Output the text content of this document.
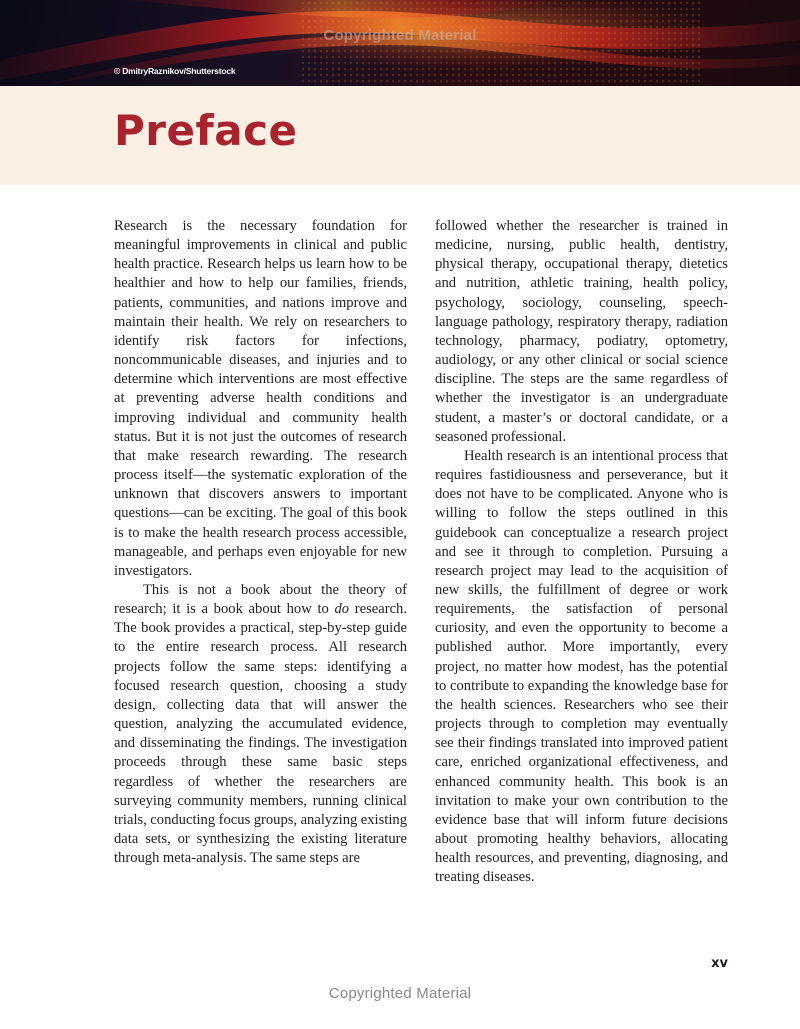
Copyrighted Material
© DmitryRaznikov/Shutterstock
Preface

Research is the necessary foundation for meaningful improvements in clinical and public health practice. Research helps us learn how to be healthier and how to help our families, friends, patients, communities, and nations improve and maintain their health. We rely on researchers to identify risk factors for infections, noncommunicable diseases, and injuries and to determine which interventions are most effective at preventing adverse health conditions and improving individual and community health status. But it is not just the outcomes of research that make research rewarding. The research process itself—the systematic exploration of the unknown that discovers answers to important questions—can be exciting. The goal of this book is to make the health research process accessible, manageable, and perhaps even enjoyable for new investigators.

This is not a book about the theory of research; it is a book about how to do research. The book provides a practical, step-by-step guide to the entire research process. All research projects follow the same steps: identifying a focused research question, choosing a study design, collecting data that will answer the question, analyzing the accumulated evidence, and disseminating the findings. The investigation proceeds through these same basic steps regardless of whether the researchers are surveying community members, running clinical trials, conducting focus groups, analyzing existing data sets, or synthesizing the existing literature through meta-analysis. The same steps are

followed whether the researcher is trained in medicine, nursing, public health, dentistry, physical therapy, occupational therapy, dietetics and nutrition, athletic training, health policy, psychology, sociology, counseling, speech-language pathology, respiratory therapy, radiation technology, pharmacy, podiatry, optometry, audiology, or any other clinical or social science discipline. The steps are the same regardless of whether the investigator is an undergraduate student, a master’s or doctoral candidate, or a seasoned professional.

Health research is an intentional process that requires fastidiousness and perseverance, but it does not have to be complicated. Anyone who is willing to follow the steps outlined in this guidebook can conceptualize a research project and see it through to completion. Pursuing a research project may lead to the acquisition of new skills, the fulfillment of degree or work requirements, the satisfaction of personal curiosity, and even the opportunity to become a published author. More importantly, every project, no matter how modest, has the potential to contribute to expanding the knowledge base for the health sciences. Researchers who see their projects through to completion may eventually see their findings translated into improved patient care, enriched organizational effectiveness, and enhanced community health. This book is an invitation to make your own contribution to the evidence base that will inform future decisions about promoting healthy behaviors, allocating health resources, and preventing, diagnosing, and treating diseases.

xv
Copyrighted Material
